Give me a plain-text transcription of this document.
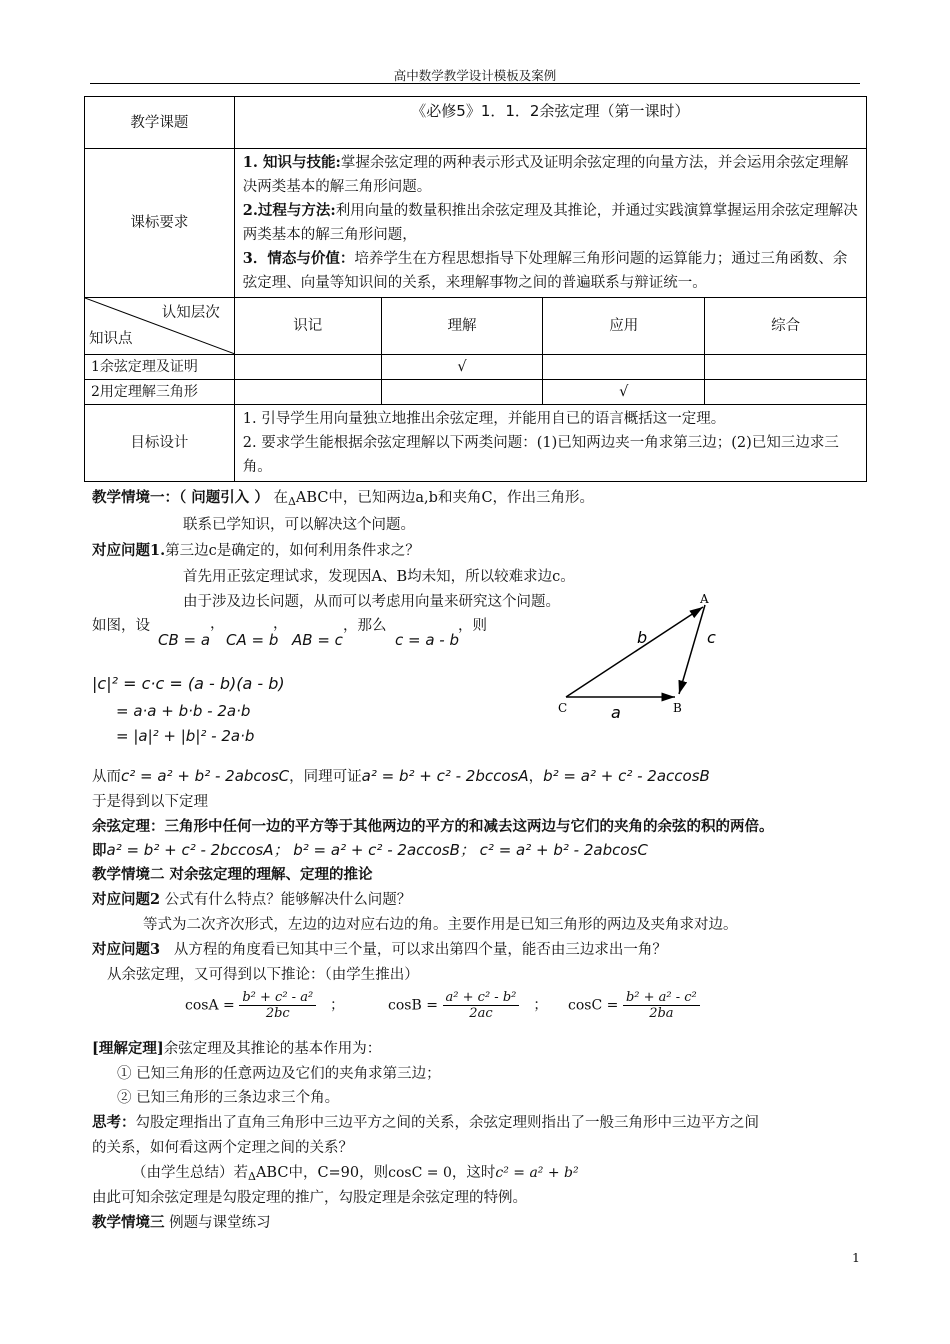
高中数学教学设计模板及案例
教学课题	《必修5》1．1．2余弦定理（第一课时）			
课标要求	1. 知识与技能:掌握余弦定理的两种表示形式及证明余弦定理的向量方法，并会运用余弦定理解决两类基本的解三角形问题。
2.过程与方法:利用向量的数量积推出余弦定理及其推论，并通过实践演算掌握运用余弦定理解决两类基本的解三角形问题，
3．情态与价值：培养学生在方程思想指导下处理解三角形问题的运算能力；通过三角函数、余弦定理、向量等知识间的关系，来理解事物之间的普遍联系与辩证统一。			

认知层次
知识点	识记	理解	应用	综合
1余弦定理及证明		√		
2用定理解三角形			√	
目标设计	1. 引导学生用向量独立地推出余弦定理，并能用自已的语言概括这一定理。
2. 要求学生能根据余弦定理解以下两类问题：(1)已知两边夹一角求第三边；(2)已知三边求三角。			
教学情境一：（ 问题引入 ） 在$_\Delta$ABC中，已知两边a,b和夹角C，作出三角形。
联系已学知识，可以解决这个问题。
对应问题1.第三边c是确定的，如何利用条件求之？
首先用正弦定理试求，发现因A、B均未知，所以较难求边c。
由于涉及边长问题，从而可以考虑用向量来研究这个问题。
如图，设	，	，	，那么	，则
CB = a CA = b AB = c	c = a - b
|c|² = c·c = (a - b)(a - b)
= a·a + b·b - 2a·b
= |a|² + |b|² - 2a·b
A
B
C	a
b	c
从而c² = a² + b² - 2abcosC，同理可证a² = b² + c² - 2bccosA，b² = a² + c² - 2accosB
于是得到以下定理
余弦定理：三角形中任何一边的平方等于其他两边的平方的和减去这两边与它们的夹角的余弦的积的两倍。
即a² = b² + c² - 2bccosA； b² = a² + c² - 2accosB； c² = a² + b² - 2abcosC
教学情境二 对余弦定理的理解、定理的推论
对应问题2 公式有什么特点？能够解决什么问题？
等式为二次齐次形式，左边的边对应右边的角。主要作用是已知三角形的两边及夹角求对边。
对应问题3 从方程的角度看已知其中三个量，可以求出第四个量，能否由三边求出一角？
从余弦定理，又可得到以下推论：（由学生推出）
$\cos A = \frac{\text{b² + c² - a²}}{2bc}$ ；	$\cos B = \frac{\text{a² + c² - b²}}{2ac}$ ； $\cos C = \frac{\text{b² + a² - c²}}{2ba}$
[理解定理]余弦定理及其推论的基本作用为：
① 已知三角形的任意两边及它们的夹角求第三边；
② 已知三角形的三条边求三个角。
思考：勾股定理指出了直角三角形中三边平方之间的关系，余弦定理则指出了一般三角形中三边平方之间
的关系，如何看这两个定理之间的关系？
（由学生总结）若$_\Delta$ABC中，C=90，则cosC = 0，这时c² = a² + b²
由此可知余弦定理是勾股定理的推广，勾股定理是余弦定理的特例。
教学情境三 例题与课堂练习
1
